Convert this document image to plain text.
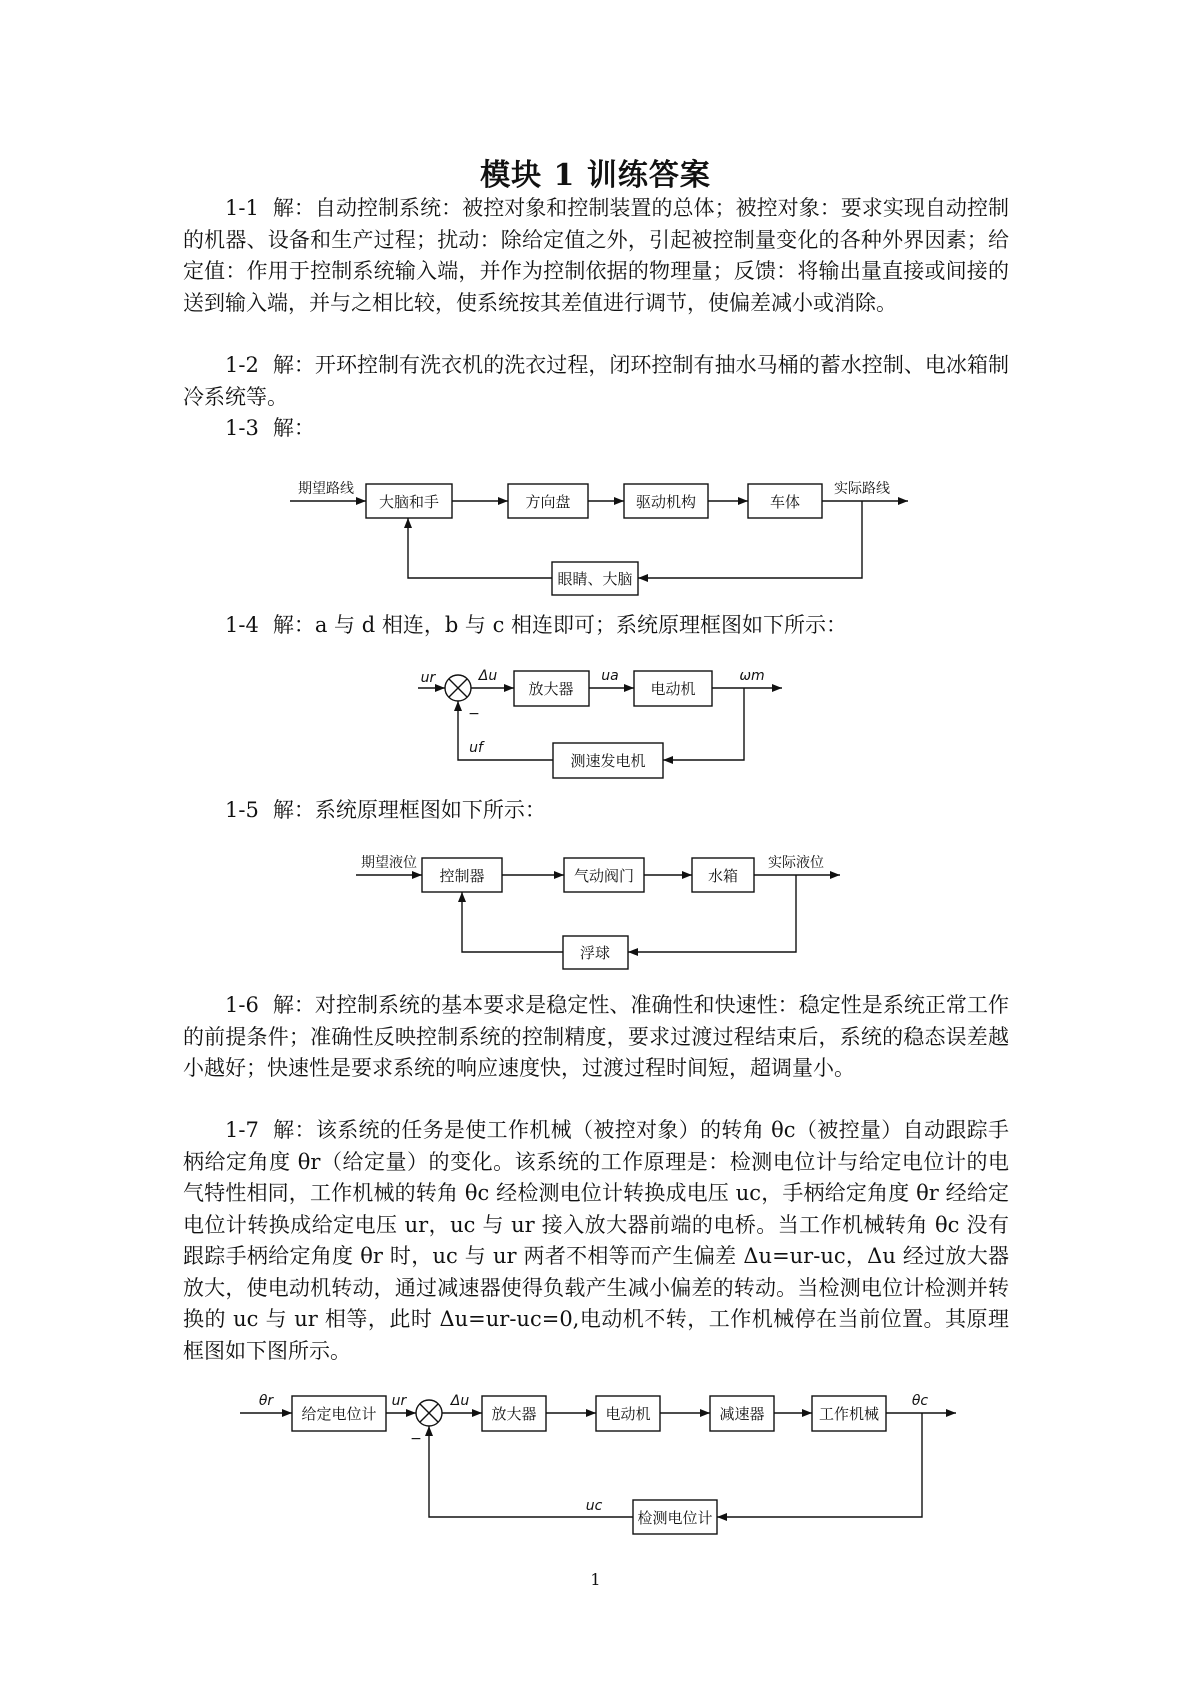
模块 1 训练答案

1-1 解：自动控制系统：被控对象和控制装置的总体；被控对象：要求实现自动控制的机器、设备和生产过程；扰动：除给定值之外，引起被控制量变化的各种外界因素；给定值：作用于控制系统输入端，并作为控制依据的物理量；反馈：将输出量直接或间接的送到输入端，并与之相比较，使系统按其差值进行调节，使偏差减小或消除。

1-2 解：开环控制有洗衣机的洗衣过程，闭环控制有抽水马桶的蓄水控制、电冰箱制冷系统等。

1-3 解：

1-4 解：a 与 d 相连，b 与 c 相连即可；系统原理框图如下所示：

1-5 解：系统原理框图如下所示：

1-6 解：对控制系统的基本要求是稳定性、准确性和快速性：稳定性是系统正常工作的前提条件；准确性反映控制系统的控制精度，要求过渡过程结束后，系统的稳态误差越小越好；快速性是要求系统的响应速度快，过渡过程时间短，超调量小。

1-7 解：该系统的任务是使工作机械（被控对象）的转角 θc（被控量）自动跟踪手柄给定角度 θr（给定量）的变化。该系统的工作原理是：检测电位计与给定电位计的电气特性相同，工作机械的转角 θc 经检测电位计转换成电压 uc，手柄给定角度 θr 经给定电位计转换成给定电压 ur，uc 与 ur 接入放大器前端的电桥。当工作机械转角 θc 没有跟踪手柄给定角度 θr 时，uc 与 ur 两者不相等而产生偏差 Δu=ur-uc，Δu 经过放大器放大，使电动机转动，通过减速器使得负载产生减小偏差的转动。当检测电位计检测并转换的 uc 与 ur 相等，此时 Δu=ur-uc=0,电动机不转，工作机械停在当前位置。其原理框图如下图所示。

期望路线
大脑和手	方向盘	驱动机构	车体
实际路线
眼睛、大脑
ur	Δu	ua	ωm
−
uf
放大器	电动机
测速发电机
期望液位
控制器	气动阀门	水箱
实际液位
浮球
θr
给定电位计
ur	Δu
−
放大器	电动机	减速器	工作机械
θc
uc
检测电位计
1
